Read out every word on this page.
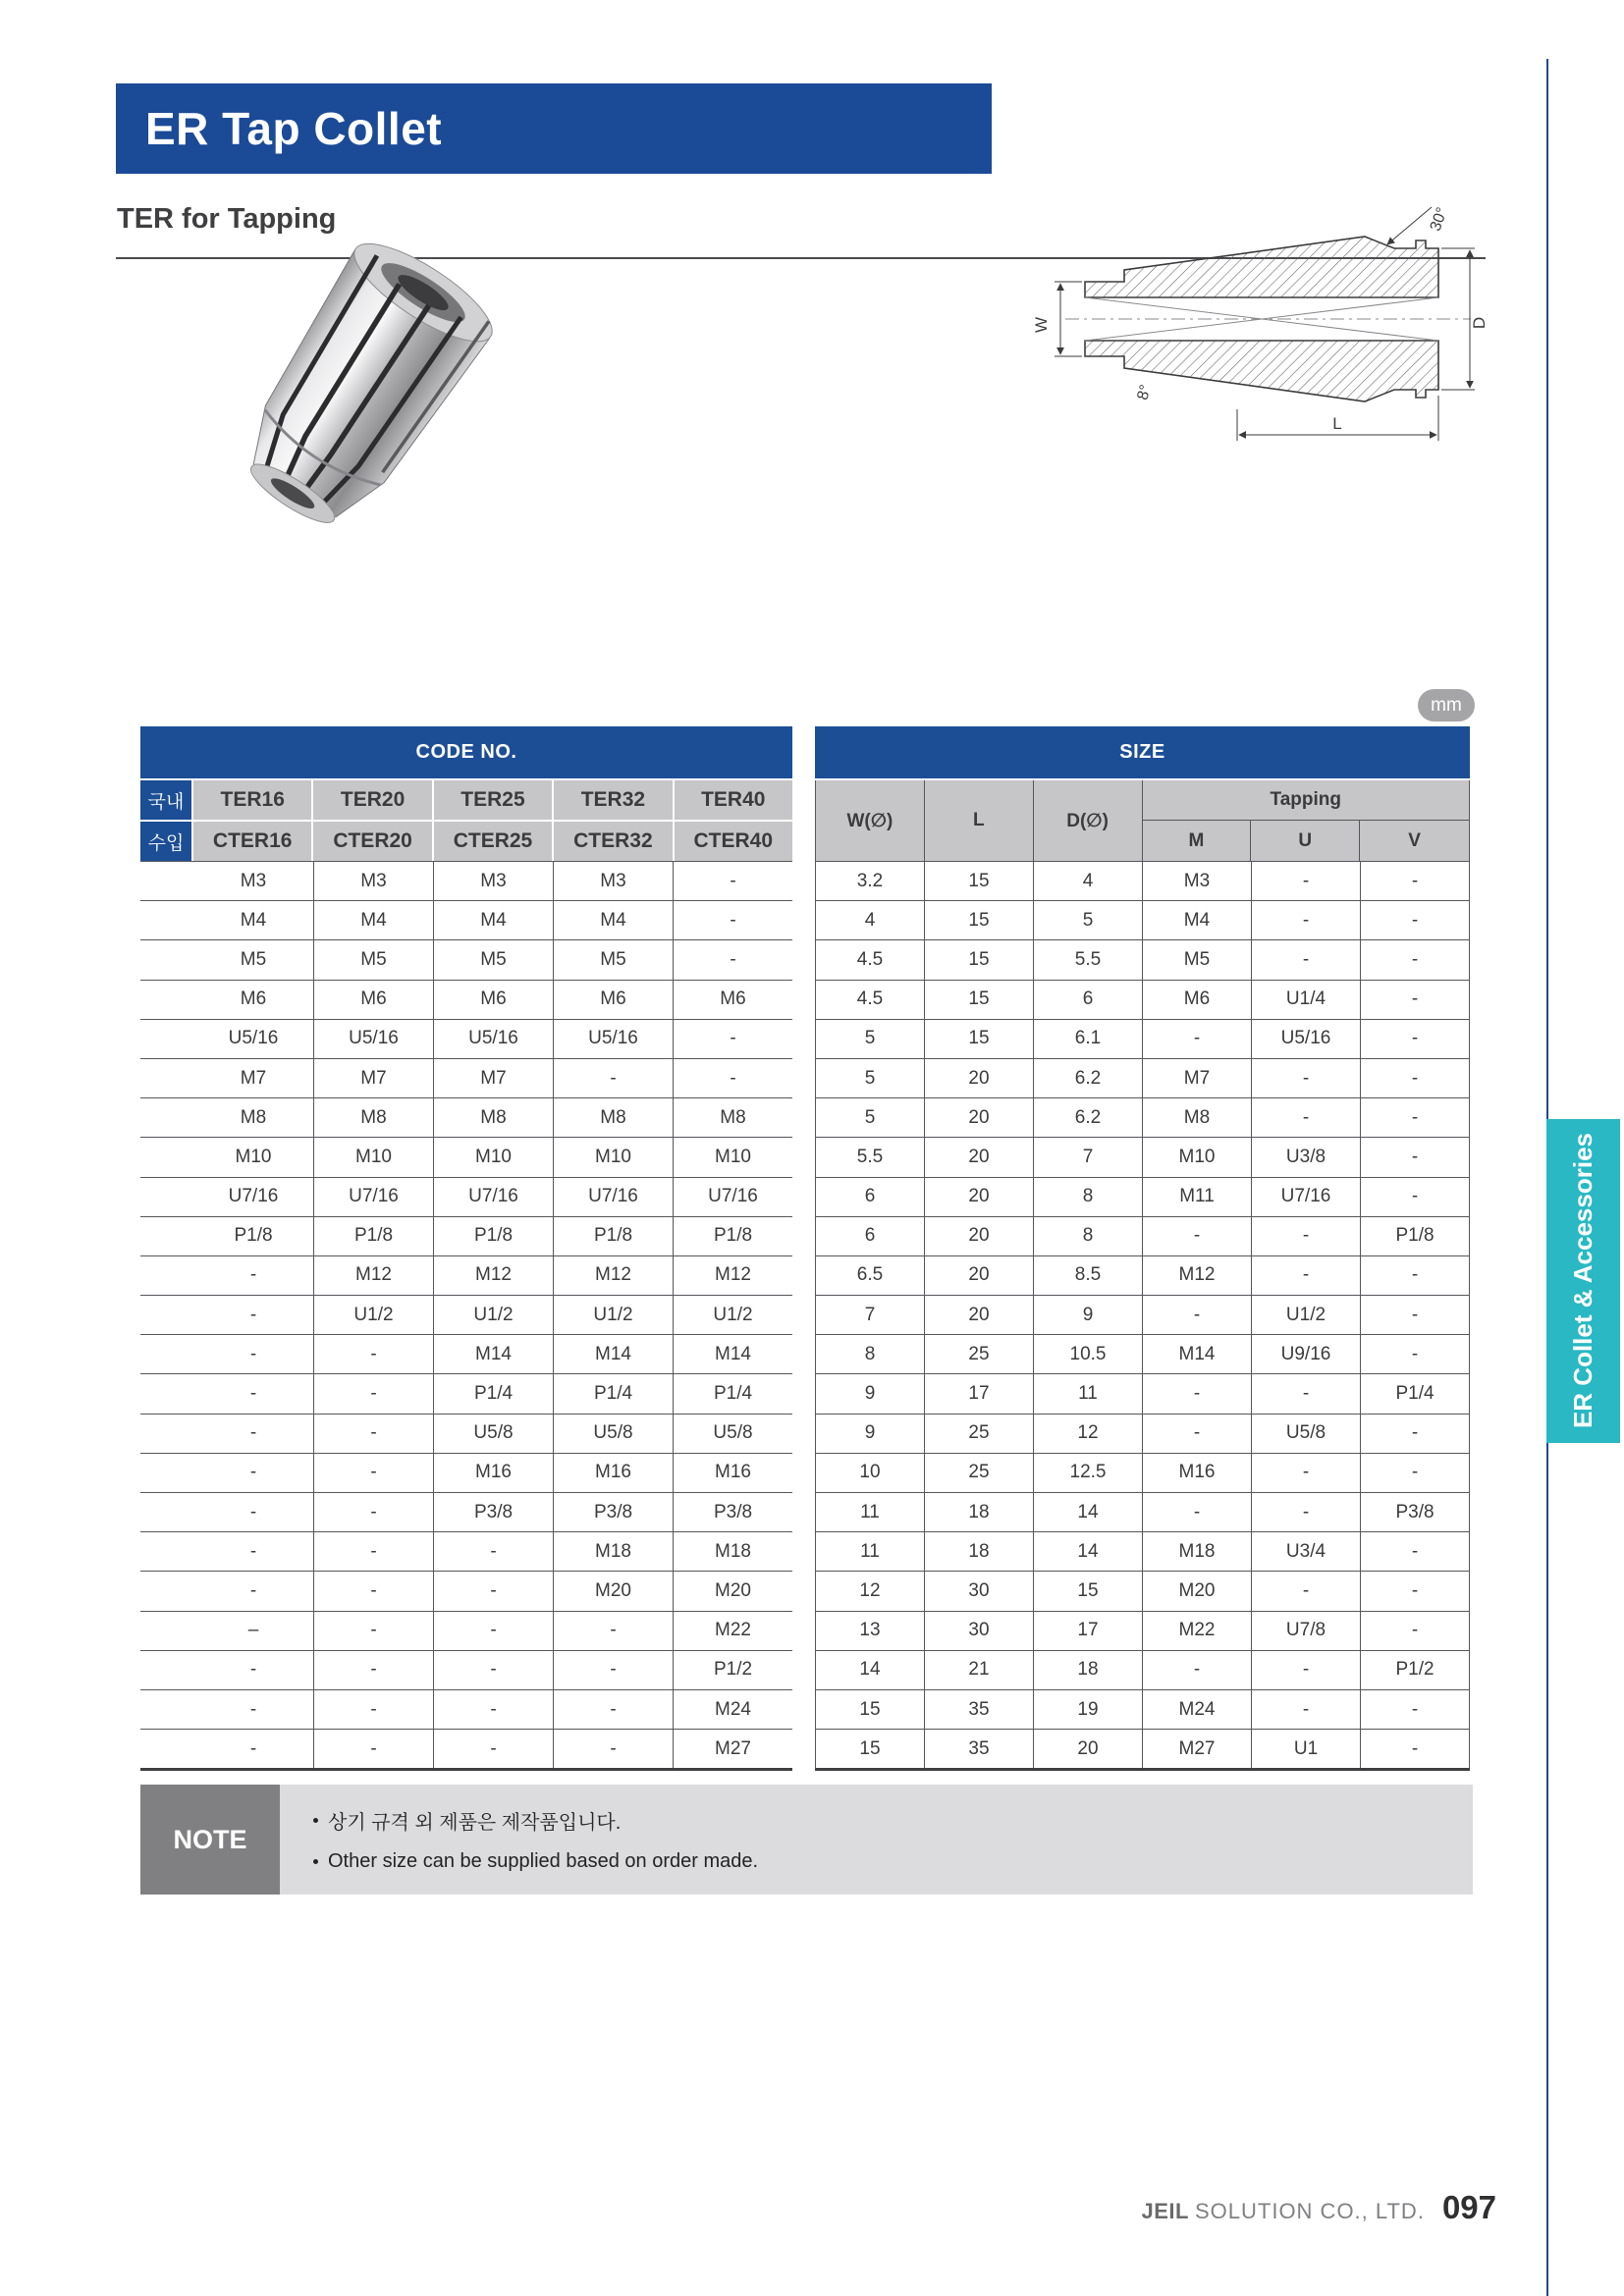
ER Collet & Accessories
ER Tap Collet
TER for Tapping
W	D
30°
8°
L
mm
CODE NO.
국내	TER16	TER20	TER25	TER32	TER40
수입	CTER16	CTER20	CTER25	CTER32	CTER40
M3	M3	M3	M3	-
M4	M4	M4	M4	-
M5	M5	M5	M5	-
M6	M6	M6	M6	M6
U5/16	U5/16	U5/16	U5/16	-
M7	M7	M7	-	-
M8	M8	M8	M8	M8
M10	M10	M10	M10	M10
U7/16	U7/16	U7/16	U7/16	U7/16
P1/8	P1/8	P1/8	P1/8	P1/8
-	M12	M12	M12	M12
-	U1/2	U1/2	U1/2	U1/2
-	-	M14	M14	M14
-	-	P1/4	P1/4	P1/4
-	-	U5/8	U5/8	U5/8
-	-	M16	M16	M16
-	-	P3/8	P3/8	P3/8
-	-	-	M18	M18
-	-	-	M20	M20
–	-	-	-	M22
-	-	-	-	P1/2
-	-	-	-	M24
-	-	-	-	M27
SIZE
W(∅)	L	D(∅)
Tapping
M	U	V
3.2	15	4	M3	-	-
4	15	5	M4	-	-
4.5	15	5.5	M5	-	-
4.5	15	6	M6	U1/4	-
5	15	6.1	-	U5/16	-
5	20	6.2	M7	-	-
5	20	6.2	M8	-	-
5.5	20	7	M10	U3/8	-
6	20	8	M11	U7/16	-
6	20	8	-	-	P1/8
6.5	20	8.5	M12	-	-
7	20	9	-	U1/2	-
8	25	10.5	M14	U9/16	-
9	17	11	-	-	P1/4
9	25	12	-	U5/8	-
10	25	12.5	M16	-	-
11	18	14	-	-	P3/8
11	18	14	M18	U3/4	-
12	30	15	M20	-	-
13	30	17	M22	U7/8	-
14	21	18	-	-	P1/2
15	35	19	M24	-	-
15	35	20	M27	U1	-
NOTE
상기 규격 외 제품은 제작품입니다.
Other size can be supplied based on order made.
JEIL SOLUTION CO., LTD. 097
